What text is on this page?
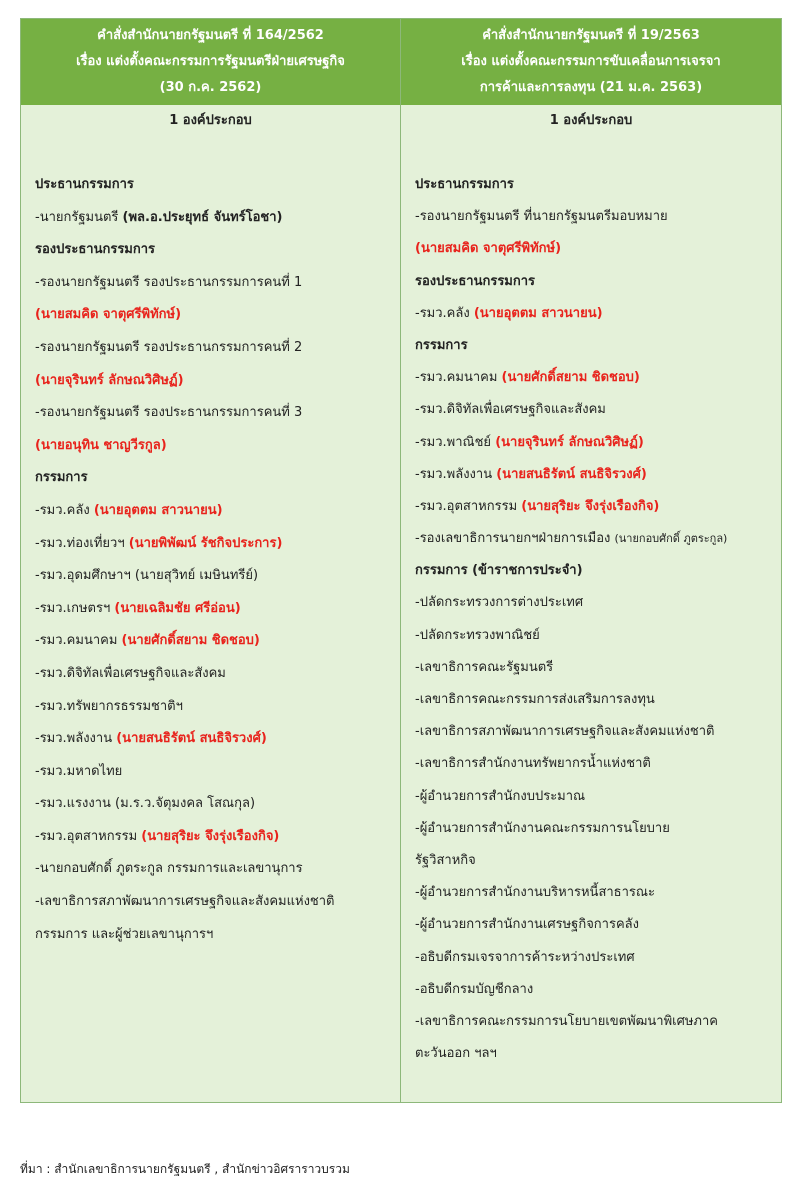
คำสั่งสำนักนายกรัฐมนตรี ที่ 164/2562
เรื่อง แต่งตั้งคณะกรรมการรัฐมนตรีฝ่ายเศรษฐกิจ
(30 ก.ค. 2562)
1 องค์ประกอบ
ประธานกรรมการ
-นายกรัฐมนตรี (พล.อ.ประยุทธ์ จันทร์โอชา)
รองประธานกรรมการ
-รองนายกรัฐมนตรี รองประธานกรรมการคนที่ 1
(นายสมคิด จาตุศรีพิทักษ์)
-รองนายกรัฐมนตรี รองประธานกรรมการคนที่ 2
(นายจุรินทร์ ลักษณวิศิษฏ์)
-รองนายกรัฐมนตรี รองประธานกรรมการคนที่ 3
(นายอนุทิน ชาญวีรกูล)
กรรมการ
-รมว.คลัง (นายอุตตม สาวนายน)
-รมว.ท่องเที่ยวฯ (นายพิพัฒน์ รัชกิจประการ)
-รมว.อุดมศึกษาฯ (นายสุวิทย์ เมษินทรีย์)
-รมว.เกษตรฯ (นายเฉลิมชัย ศรีอ่อน)
-รมว.คมนาคม (นายศักดิ์สยาม ชิดชอบ)
-รมว.ดิจิทัลเพื่อเศรษฐกิจและสังคม
-รมว.ทรัพยากรธรรมชาติฯ
-รมว.พลังงาน (นายสนธิรัตน์ สนธิจิรวงศ์)
-รมว.มหาดไทย
-รมว.แรงงาน (ม.ร.ว.จัตุมงคล โสณกุล)
-รมว.อุตสาหกรรม (นายสุริยะ จึงรุ่งเรืองกิจ)
-นายกอบศักดิ์ ภูตระกูล กรรมการและเลขานุการ
-เลขาธิการสภาพัฒนาการเศรษฐกิจและสังคมแห่งชาติ
กรรมการ และผู้ช่วยเลขานุการฯ
คำสั่งสำนักนายกรัฐมนตรี ที่ 19/2563
เรื่อง แต่งตั้งคณะกรรมการขับเคลื่อนการเจรจา
การค้าและการลงทุน (21 ม.ค. 2563)
1 องค์ประกอบ
ประธานกรรมการ
-รองนายกรัฐมนตรี ที่นายกรัฐมนตรีมอบหมาย
(นายสมคิด จาตุศรีพิทักษ์)
รองประธานกรรมการ
-รมว.คลัง (นายอุตตม สาวนายน)
กรรมการ
-รมว.คมนาคม (นายศักดิ์สยาม ชิดชอบ)
-รมว.ดิจิทัลเพื่อเศรษฐกิจและสังคม
-รมว.พาณิชย์ (นายจุรินทร์ ลักษณวิศิษฏ์)
-รมว.พลังงาน (นายสนธิรัตน์ สนธิจิรวงศ์)
-รมว.อุตสาหกรรม (นายสุริยะ จึงรุ่งเรืองกิจ)
-รองเลขาธิการนายกฯฝ่ายการเมือง (นายกอบศักดิ์ ภูตระกูล)
กรรมการ (ข้าราชการประจำ)
-ปลัดกระทรวงการต่างประเทศ
-ปลัดกระทรวงพาณิชย์
-เลขาธิการคณะรัฐมนตรี
-เลขาธิการคณะกรรมการส่งเสริมการลงทุน
-เลขาธิการสภาพัฒนาการเศรษฐกิจและสังคมแห่งชาติ
-เลขาธิการสำนักงานทรัพยากรน้ำแห่งชาติ
-ผู้อำนวยการสำนักงบประมาณ
-ผู้อำนวยการสำนักงานคณะกรรมการนโยบาย
รัฐวิสาหกิจ
-ผู้อำนวยการสำนักงานบริหารหนี้สาธารณะ
-ผู้อำนวยการสำนักงานเศรษฐกิจการคลัง
-อธิบดีกรมเจรจาการค้าระหว่างประเทศ
-อธิบดีกรมบัญชีกลาง
-เลขาธิการคณะกรรมการนโยบายเขตพัฒนาพิเศษภาค
ตะวันออก ฯลฯ
ที่มา : สำนักเลขาธิการนายกรัฐมนตรี , สำนักข่าวอิศราราวบรวม
